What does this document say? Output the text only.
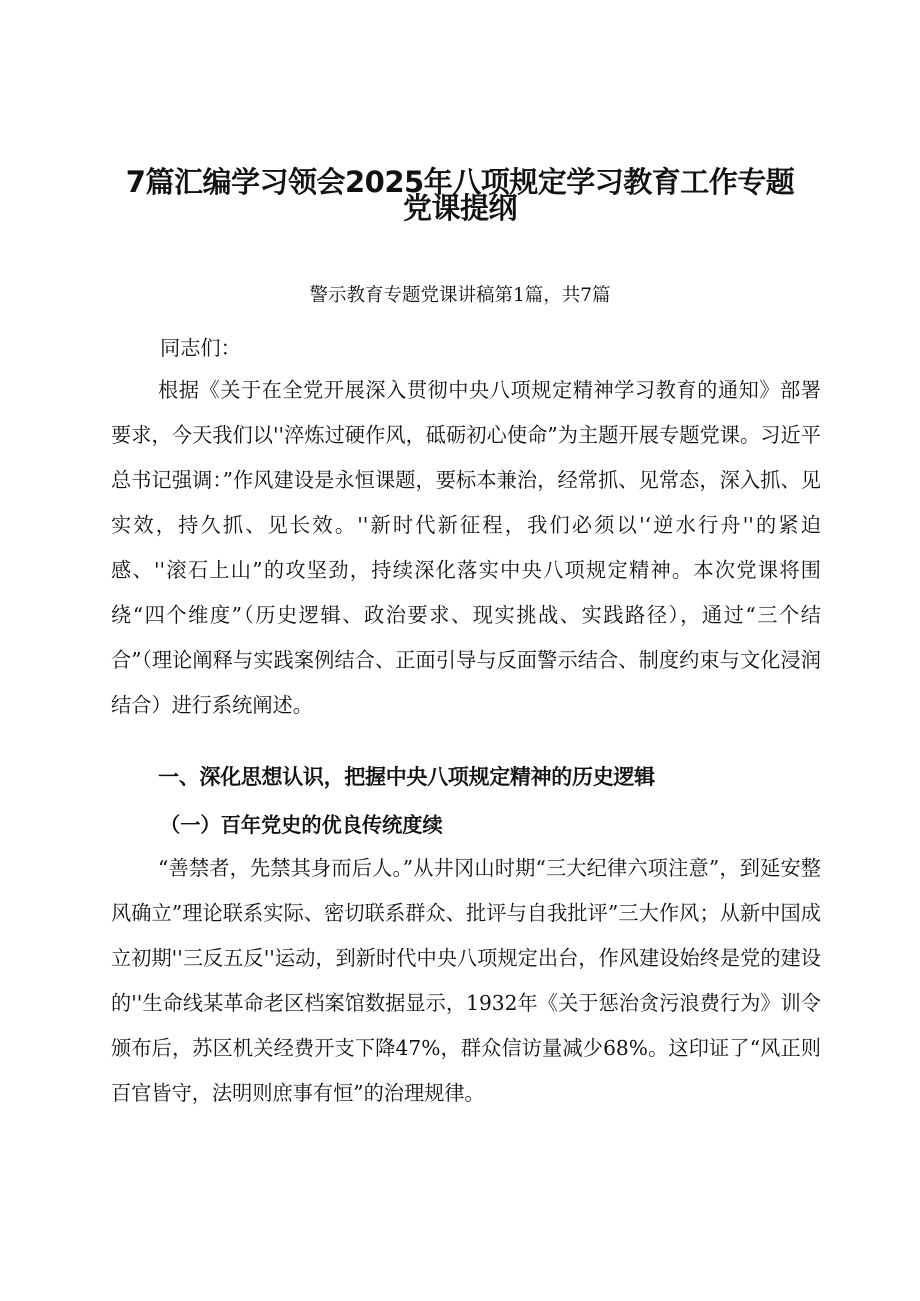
7篇汇编学习领会2025年八项规定学习教育工作专题
党课提纲

警示教育专题党课讲稿第1篇，共7篇

同志们：

根据《关于在全党开展深入贯彻中央八项规定精神学习教育的通知》部署要求，今天我们以''淬炼过硬作风，砥砺初心使命”为主题开展专题党课。习近平总书记强调：”作风建设是永恒课题，要标本兼治，经常抓、见常态，深入抓、见实效，持久抓、见长效。''新时代新征程，我们必须以'‘逆水行舟''的紧迫感、''滚石上山”的攻坚劲，持续深化落实中央八项规定精神。本次党课将围绕“四个维度”（历史逻辑、政治要求、现实挑战、实践路径），通过“三个结合”（理论阐释与实践案例结合、正面引导与反面警示结合、制度约束与文化浸润结合）进行系统阐述。

一、深化思想认识，把握中央八项规定精神的历史逻辑
（一）百年党史的优良传统度续

“善禁者，先禁其身而后人。”从井冈山时期“三大纪律六项注意”，到延安整风确立”理论联系实际、密切联系群众、批评与自我批评”三大作风；从新中国成立初期''三反五反''运动，到新时代中央八项规定出台，作风建设始终是党的建设的''生命线某革命老区档案馆数据显示，1932年《关于惩治贪污浪费行为》训令颁布后，苏区机关经费开支下降47%，群众信访量减少68%。这印证了“风正则百官皆守，法明则庶事有恒”的治理规律。
